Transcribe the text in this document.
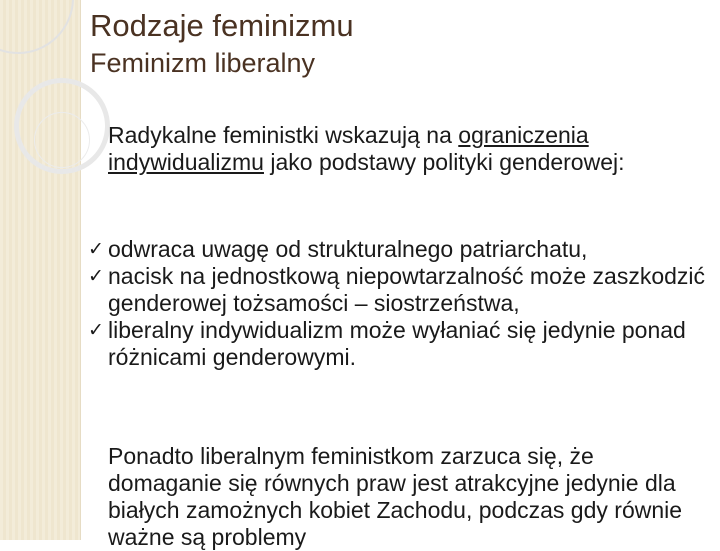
Rodzaje feminizmu
Feminizm liberalny

Radykalne feministki wskazują na ograniczenia indywidualizmu jako podstawy polityki genderowej:

✓ odwraca uwagę od strukturalnego patriarchatu,
✓ nacisk na jednostkową niepowtarzalność może zaszkodzić genderowej tożsamości – siostrzeństwa,
✓ liberalny indywidualizm może wyłaniać się jedynie ponad różnicami genderowymi.

Ponadto liberalnym feministkom zarzuca się, że domaganie się równych praw jest atrakcyjne jedynie dla białych zamożnych kobiet Zachodu, podczas gdy równie ważne są problemy
